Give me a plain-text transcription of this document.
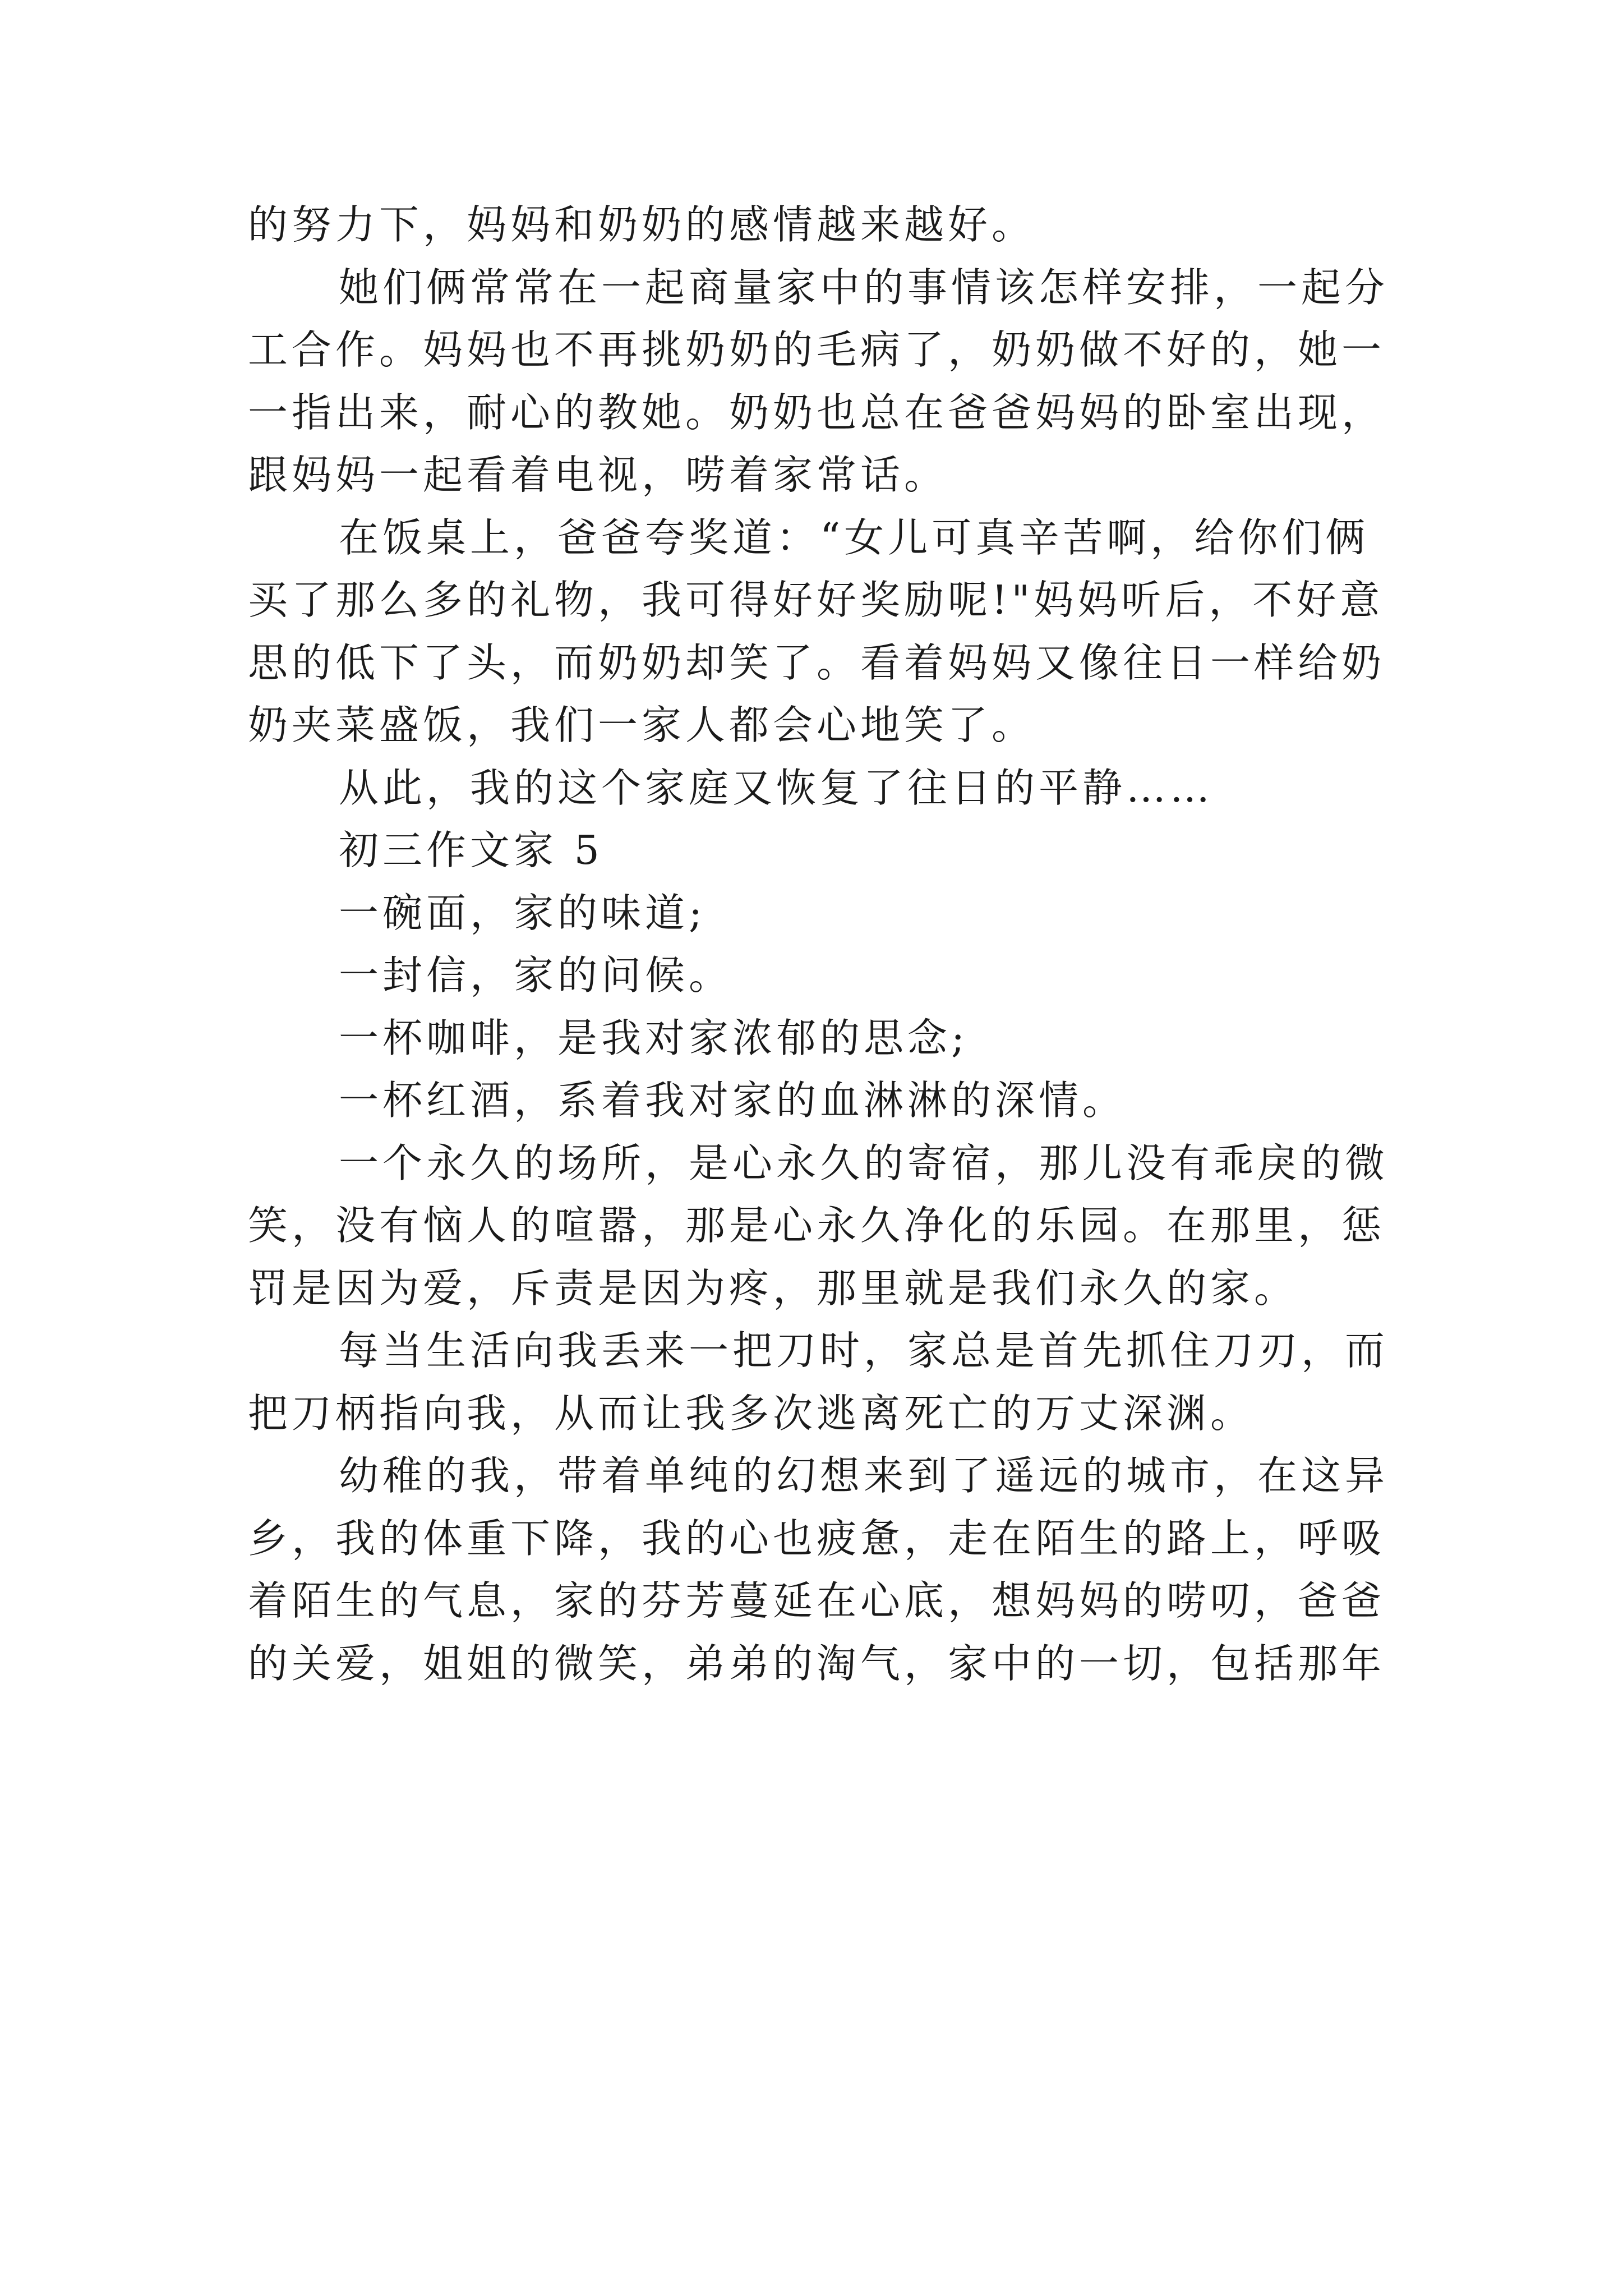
的努力下，妈妈和奶奶的感情越来越好。
她们俩常常在一起商量家中的事情该怎样安排，一起分
工合作。妈妈也不再挑奶奶的毛病了，奶奶做不好的，她一
一指出来，耐心的教她。奶奶也总在爸爸妈妈的卧室出现，
跟妈妈一起看着电视，唠着家常话。
在饭桌上，爸爸夸奖道：“女儿可真辛苦啊，给你们俩
买了那么多的礼物，我可得好好奖励呢!"妈妈听后，不好意
思的低下了头，而奶奶却笑了。看着妈妈又像往日一样给奶
奶夹菜盛饭，我们一家人都会心地笑了。
从此，我的这个家庭又恢复了往日的平静……
初三作文家 5
一碗面，家的味道;
一封信，家的问候。
一杯咖啡，是我对家浓郁的思念;
一杯红酒，系着我对家的血淋淋的深情。
一个永久的场所，是心永久的寄宿，那儿没有乖戾的微
笑，没有恼人的喧嚣，那是心永久净化的乐园。在那里，惩
罚是因为爱，斥责是因为疼，那里就是我们永久的家。
每当生活向我丢来一把刀时，家总是首先抓住刀刃，而
把刀柄指向我，从而让我多次逃离死亡的万丈深渊。
幼稚的我，带着单纯的幻想来到了遥远的城市，在这异
乡，我的体重下降，我的心也疲惫，走在陌生的路上，呼吸
着陌生的气息，家的芬芳蔓延在心底，想妈妈的唠叨，爸爸
的关爱，姐姐的微笑，弟弟的淘气，家中的一切，包括那年
